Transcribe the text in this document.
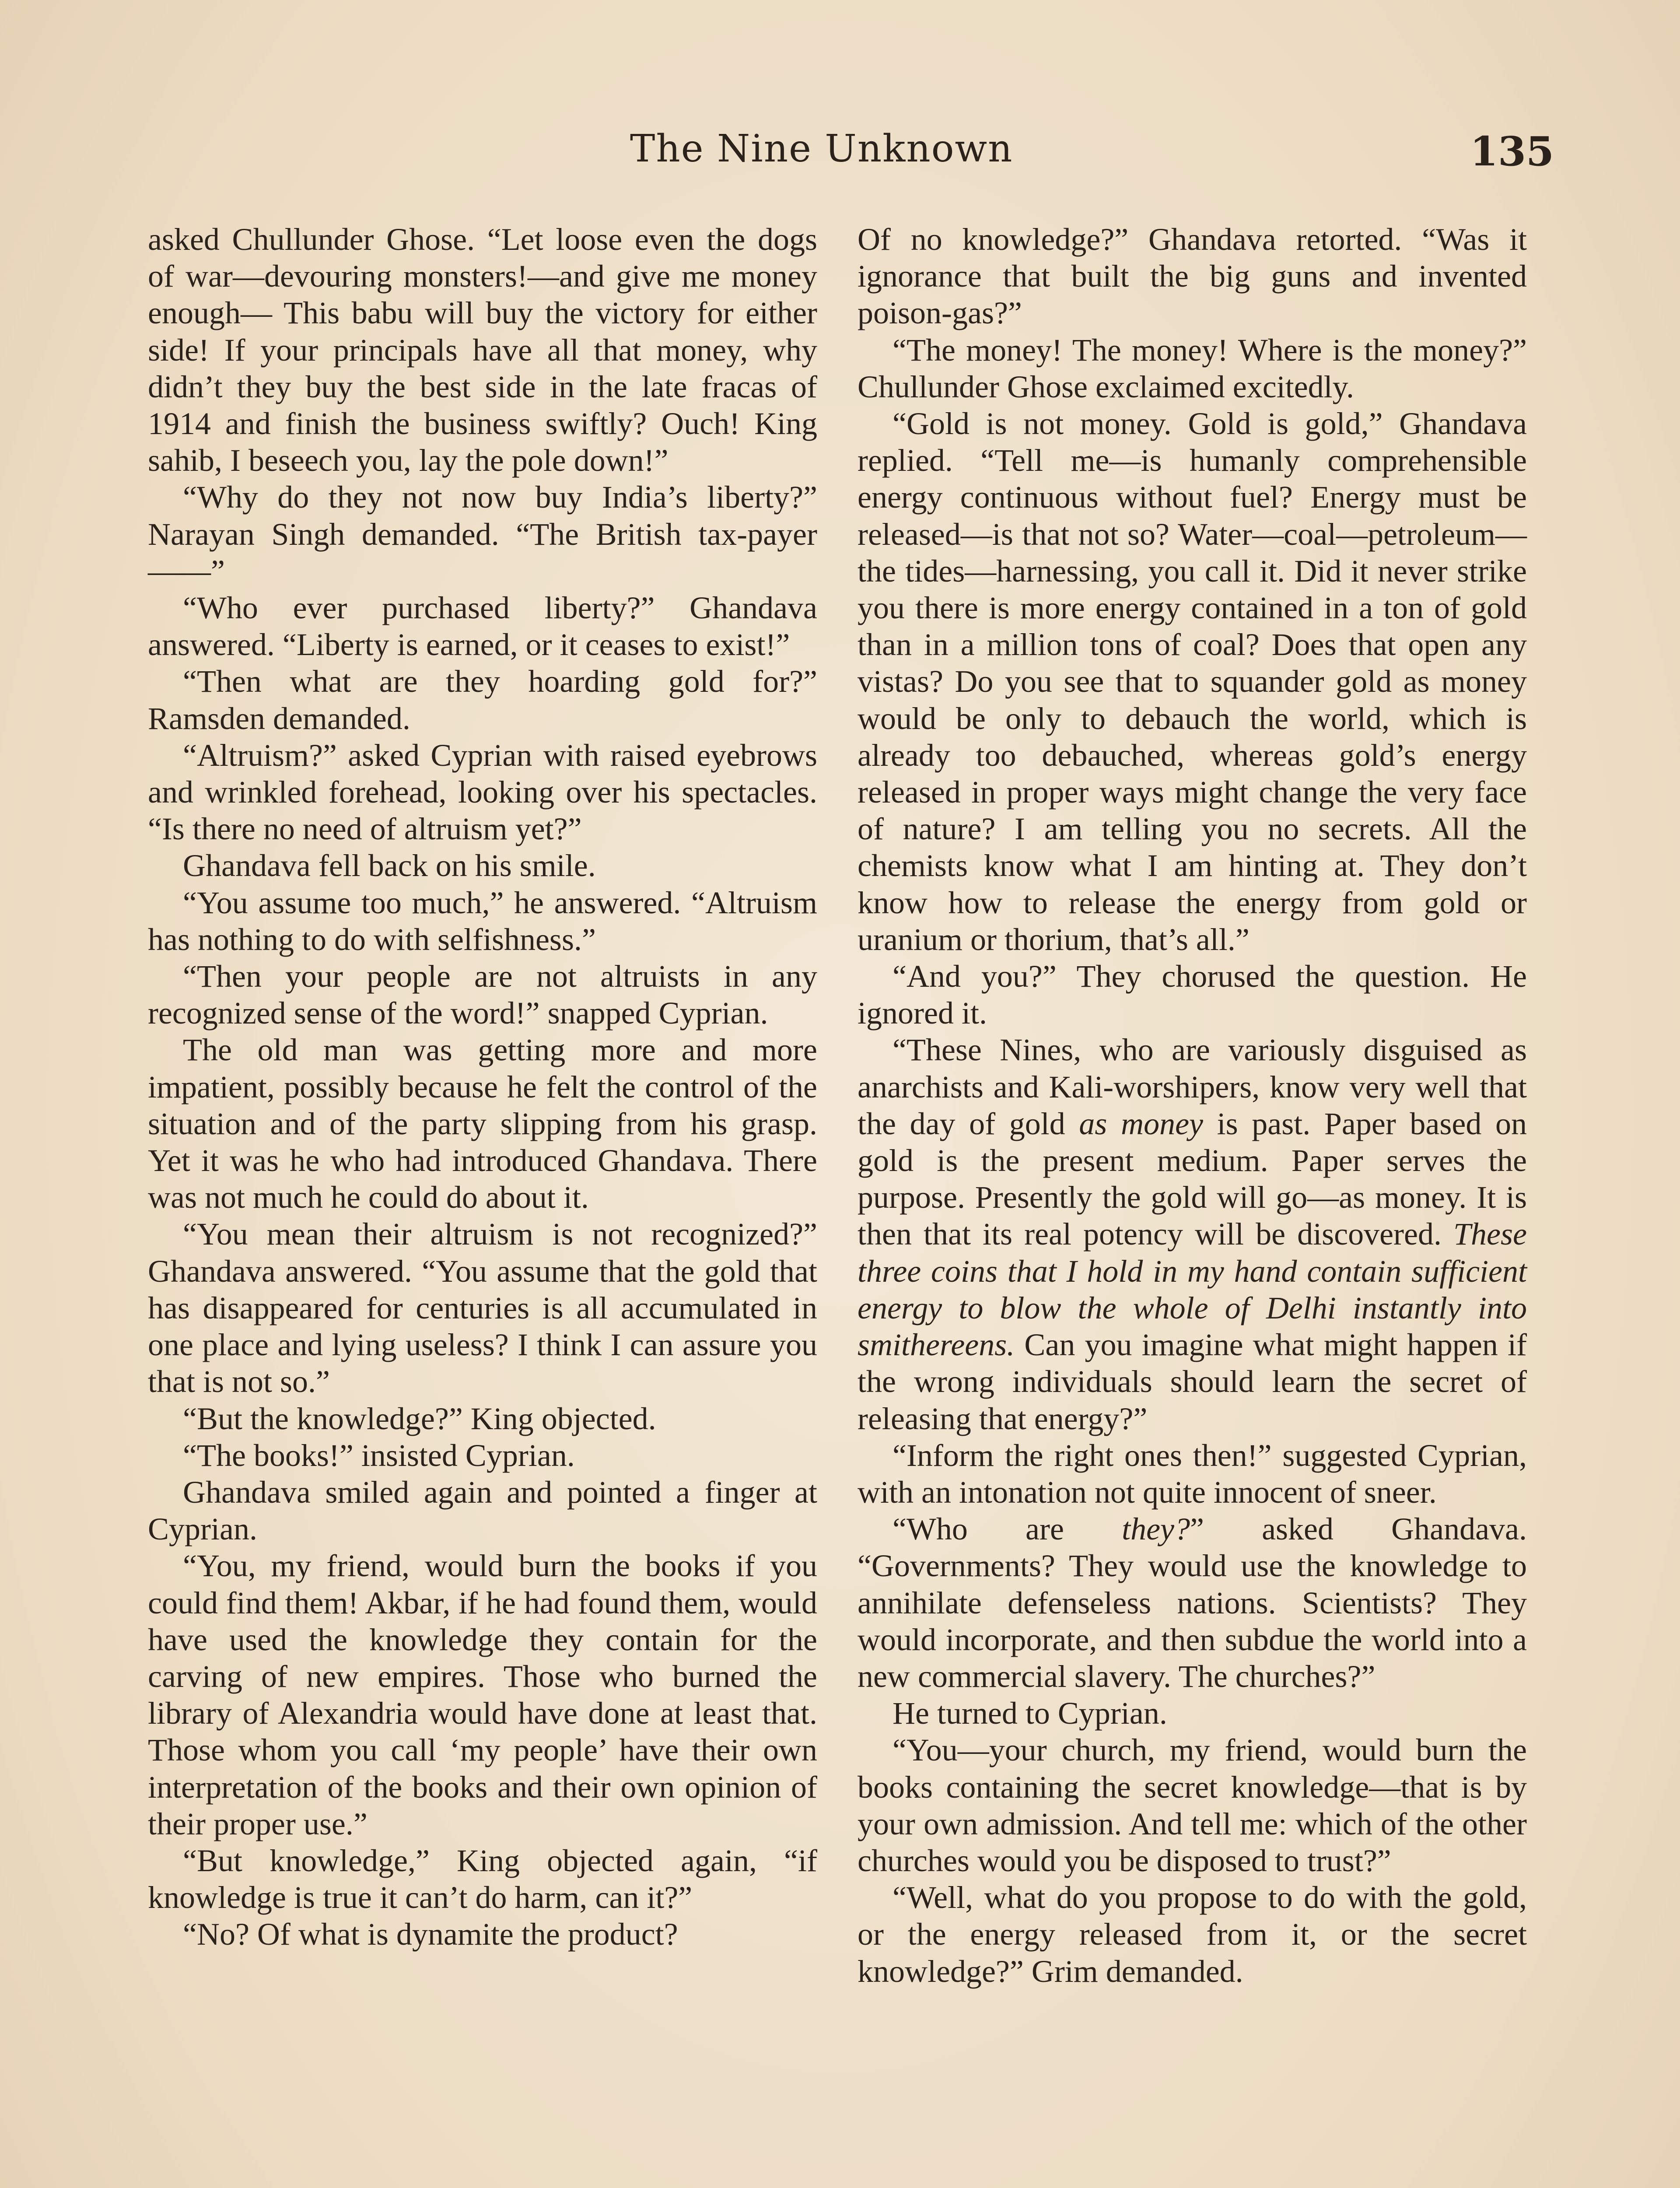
The Nine Unknown	135

asked Chullunder Ghose. “Let loose even the dogs of war—devouring monsters!—and give me money enough— This babu will buy the victory for either side! If your principals have all that money, why didn’t they buy the best side in the late fracas of 1914 and finish the business swiftly? Ouch! King sahib, I beseech you, lay the pole down!”

“Why do they not now buy India’s liberty?” Narayan Singh demanded. “The British tax-payer——”

“Who ever purchased liberty?” Ghandava answered. “Liberty is earned, or it ceases to exist!”

“Then what are they hoarding gold for?” Ramsden demanded.

“Altruism?” asked Cyprian with raised eyebrows and wrinkled forehead, looking over his spectacles. “Is there no need of altruism yet?”

Ghandava fell back on his smile.

“You assume too much,” he answered. “Altruism has nothing to do with selfishness.”

“Then your people are not altruists in any recognized sense of the word!” snapped Cyprian.

The old man was getting more and more impatient, possibly because he felt the control of the situation and of the party slipping from his grasp. Yet it was he who had introduced Ghandava. There was not much he could do about it.

“You mean their altruism is not recognized?” Ghandava answered. “You assume that the gold that has disappeared for centuries is all accumulated in one place and lying useless? I think I can assure you that is not so.”

“But the knowledge?” King objected.

“The books!” insisted Cyprian.

Ghandava smiled again and pointed a finger at Cyprian.

“You, my friend, would burn the books if you could find them! Akbar, if he had found them, would have used the knowledge they contain for the carving of new empires. Those who burned the library of Alexandria would have done at least that. Those whom you call ‘my people’ have their own interpretation of the books and their own opinion of their proper use.”

“But knowledge,” King objected again, “if knowledge is true it can’t do harm, can it?”

“No? Of what is dynamite the product?

Of no knowledge?” Ghandava retorted. “Was it ignorance that built the big guns and invented poison-gas?”

“The money! The money! Where is the money?” Chullunder Ghose exclaimed excitedly.

“Gold is not money. Gold is gold,” Ghandava replied. “Tell me—is humanly comprehensible energy continuous without fuel? Energy must be released—is that not so? Water—coal—petroleum—the tides—harnessing, you call it. Did it never strike you there is more energy contained in a ton of gold than in a million tons of coal? Does that open any vistas? Do you see that to squander gold as money would be only to debauch the world, which is already too debauched, whereas gold’s energy released in proper ways might change the very face of nature? I am telling you no secrets. All the chemists know what I am hinting at. They don’t know how to release the energy from gold or uranium or thorium, that’s all.”

“And you?” They chorused the question. He ignored it.

“These Nines, who are variously disguised as anarchists and Kali-worshipers, know very well that the day of gold as money is past. Paper based on gold is the present medium. Paper serves the purpose. Presently the gold will go—as money. It is then that its real potency will be discovered. These three coins that I hold in my hand contain sufficient energy to blow the whole of Delhi instantly into smithereens. Can you imagine what might happen if the wrong individuals should learn the secret of releasing that energy?”

“Inform the right ones then!” suggested Cyprian, with an intonation not quite innocent of sneer.

“Who are they?” asked Ghandava. “Governments? They would use the knowledge to annihilate defenseless nations. Scientists? They would incorporate, and then subdue the world into a new commercial slavery. The churches?”

He turned to Cyprian.

“You—your church, my friend, would burn the books containing the secret knowledge—that is by your own admission. And tell me: which of the other churches would you be disposed to trust?”

“Well, what do you propose to do with the gold, or the energy released from it, or the secret knowledge?” Grim demanded.
